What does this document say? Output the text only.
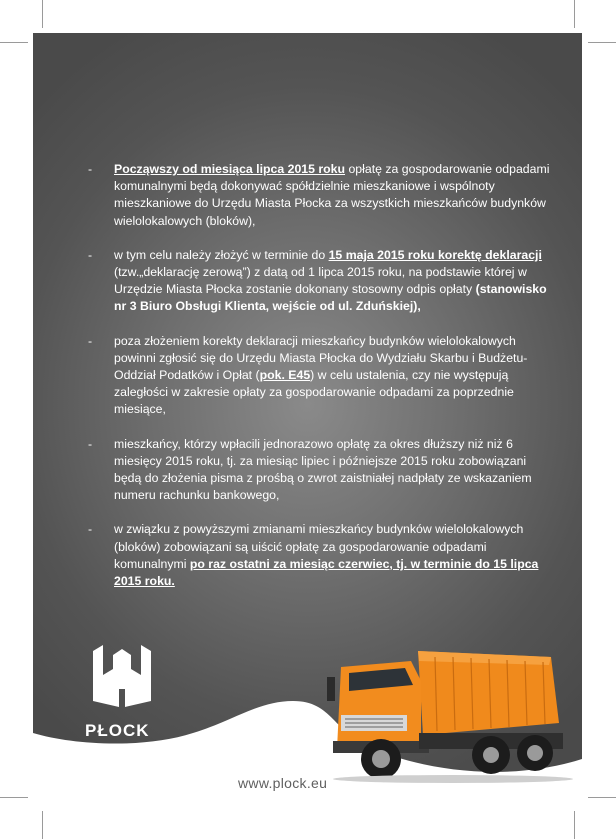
-	Począwszy od miesiąca lipca 2015 roku opłatę za gospodarowanie odpadami komunalnymi będą dokonywać spółdzielnie mieszkaniowe i wspólnoty mieszkaniowe do Urzędu Miasta Płocka za wszystkich mieszkańców budynków wielolokalowych (bloków),
-	w tym celu należy złożyć w terminie do 15 maja 2015 roku korektę deklaracji (tzw.„deklarację zerową”) z datą od 1 lipca 2015 roku, na podstawie której w Urzędzie Miasta Płocka zostanie dokonany stosowny odpis opłaty (stanowisko nr 3 Biuro Obsługi Klienta, wejście od ul. Zduńskiej),
-	poza złożeniem korekty deklaracji mieszkańcy budynków wielolokalowych powinni zgłosić się do Urzędu Miasta Płocka do Wydziału Skarbu i Budżetu-Oddział Podatków i Opłat (pok. E45) w celu ustalenia, czy nie występują zaległości w zakresie opłaty za gospodarowanie odpadami za poprzednie miesiące,
-	mieszkańcy, którzy wpłacili jednorazowo opłatę za okres dłuższy niż niż 6 miesięcy 2015 roku, tj. za miesiąc lipiec i późniejsze 2015 roku zobowiązani będą do złożenia pisma z prośbą o zwrot zaistniałej nadpłaty ze wskazaniem numeru rachunku bankowego,
-	w związku z powyższymi zmianami mieszkańcy budynków wielolokalowych (bloków) zobowiązani są uiścić opłatę za gospodarowanie odpadami komunalnymi po raz ostatni za miesiąc czerwiec, tj. w terminie do 15 lipca 2015 roku.
PŁOCK
www.plock.eu
